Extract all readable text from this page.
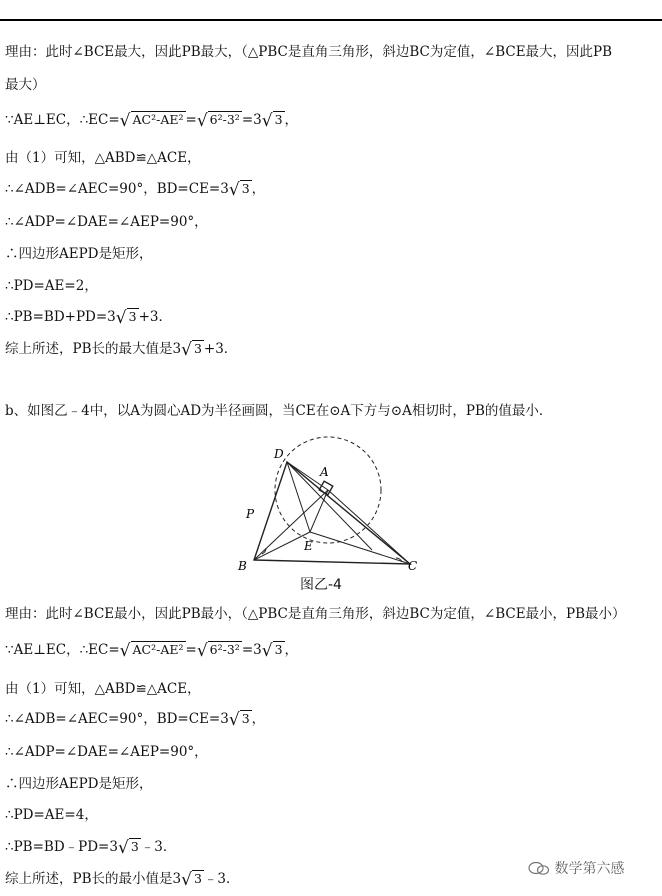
理由：此时∠BCE最大，因此PB最大，（△PBC是直角三角形，斜边BC为定值，∠BCE最大，因此PB
最大）
∵AE⊥EC，∴EC=√ AC²-AE² =√ 6²-3² =3√ 3 ，
由（1）可知，△ABD≌△ACE，
∴∠ADB=∠AEC=90°，BD=CE=3√ 3 ，
∴∠ADP=∠DAE=∠AEP=90°，
∴四边形AEPD是矩形，
∴PD=AE=2，
∴PB=BD+PD=3√ 3 +3．
综上所述，PB长的最大值是3√ 3 +3．
b、如图乙﹣4中，以A为圆心AD为半径画圆，当CE在⊙A下方与⊙A相切时，PB的值最小．
D
A
P
E
B	C
图乙-4
理由：此时∠BCE最小，因此PB最小，（△PBC是直角三角形，斜边BC为定值，∠BCE最小，PB最小）
∵AE⊥EC，∴EC=√ AC²-AE² =√ 6²-3² =3√ 3 ，
由（1）可知，△ABD≌△ACE，
∴∠ADB=∠AEC=90°，BD=CE=3√ 3 ，
∴∠ADP=∠DAE=∠AEP=90°，
∴四边形AEPD是矩形，
∴PD=AE=4，
∴PB=BD﹣PD=3√ 3 ﹣3．
综上所述，PB长的最小值是3√ 3 ﹣3．
数学第六感
